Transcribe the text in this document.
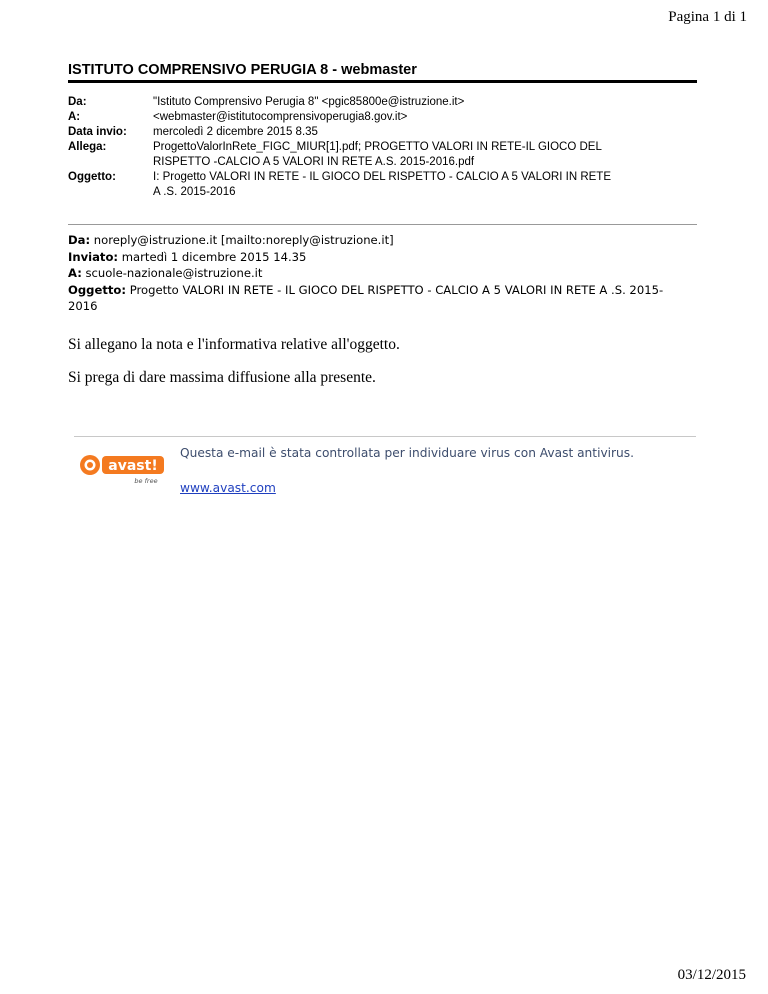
Pagina 1 di 1
ISTITUTO COMPRENSIVO PERUGIA 8 - webmaster
Da:	"Istituto Comprensivo Perugia 8" <pgic85800e@istruzione.it>
A:	<webmaster@istitutocomprensivoperugia8.gov.it>
Data invio:	mercoledì 2 dicembre 2015 8.35
Allega:	ProgettoValorInRete_FIGC_MIUR[1].pdf; PROGETTO VALORI IN RETE-IL GIOCO DEL
RISPETTO -CALCIO A 5 VALORI IN RETE A.S. 2015-2016.pdf
Oggetto:	I: Progetto VALORI IN RETE - IL GIOCO DEL RISPETTO - CALCIO A 5 VALORI IN RETE
A .S. 2015-2016
Da: noreply@istruzione.it [mailto:noreply@istruzione.it]
Inviato: martedì 1 dicembre 2015 14.35
A: scuole-nazionale@istruzione.it
Oggetto: Progetto VALORI IN RETE - IL GIOCO DEL RISPETTO - CALCIO A 5 VALORI IN RETE A .S. 2015-
2016
Si allegano la nota e l'informativa relative all'oggetto.
Si prega di dare massima diffusione alla presente.
avast!
be free
Questa e-mail è stata controllata per individuare virus con Avast antivirus.
www.avast.com
03/12/2015
